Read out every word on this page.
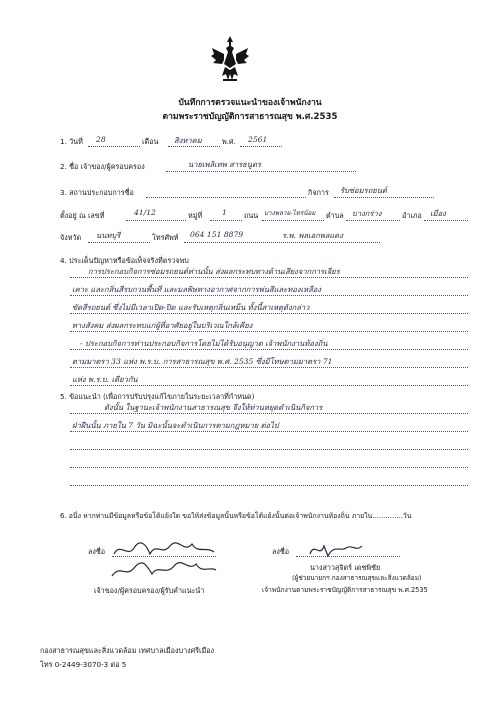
บันทึกการตรวจแนะนำของเจ้าพนักงาน
ตามพระราชบัญญัติการสาธารณสุข พ.ศ.2535
1. วันที่ 28	เดือน สิงหาคม	พ.ศ. 2561
2. ชื่อ เจ้าของ/ผู้ครอบครอง	นายเพลิเทพ สารธนูดร
3. สถานประกอบการชื่อ	กิจการ รับซ่อมรถยนต์
ตั้งอยู่ ณ เลขที่	41/12	หมู่ที่	1 ถนน บางพลาย-ไทรน้อย ตำบล บางกร่าง	อำเภอ เมือง
จังหวัด นนทบุรี	โทรศัพท์ 064 151 8879	ร.พ. พลเอกพลแดง
4. ประเด็นปัญหาหรือข้อเท็จจริงที่ตรวจพบ
การประกอบกิจการซ่อมรถยนต์ท่านนั้น ส่งผลกระทบทางด้านเสียงจากการเจียร
เคาะ และกลิ่นสีรบกวนพื้นที่ และมลพิษทางอากาศจากการพ่นสีและทองเหลือง
ขัดสีรถยนต์ ซึ่งไม่มีเวลาเปิด-ปิด และรับเหตุกลิ่นเหม็น ทั้งนี้สาเหตุดังกล่าว
ทางสังคม ส่งผลกระทบแก่ผู้ที่อาศัยอยู่ในบริเวณใกล้เคียง
- ประกอบกิจการท่านประกอบกิจการโดยไม่ได้รับอนุญาต เจ้าพนักงานท้องถิ่น
ตามมาตรา 33 แห่ง พ.ร.บ. การสาธารณสุข พ.ศ. 2535 ซึ่งมีโทษตามมาตรา 71
แห่ง พ.ร.บ. เดียวกัน
5. ข้อแนะนำ (เพื่อการปรับปรุงแก้ไขภายในระยะเวลาที่กำหนด)
ดังนั้น ในฐานะเจ้าพนักงานสาธารณสุข จึงให้ท่านหยุดดำเนินกิจการ
ฝ่าฝืนนั้น ภายใน 7 วัน มิฉะนั้นจะดำเนินการตามกฎหมาย ต่อไป
6. อนึ่ง หากท่านมีข้อมูลหรือข้อโต้แย้งใด ขอให้ส่งข้อมูลนั้นหรือข้อโต้แย้งนั้นต่อเจ้าพนักงานท้องถิ่น ภายใน..............วัน
ลงชื่อ
เจ้าของ/ผู้ครอบครอง/ผู้รับคำแนะนำ
ลงชื่อ
นางสาวสุจิตร์ เดชพิชัย
(ผู้ช่วยนายกฯ กองสาธารณสุขและสิ่งแวดล้อม)
เจ้าพนักงานตามพระราชบัญญัติการสาธารณสุข พ.ศ.2535
กองสาธารณสุขและสิ่งแวดล้อม เทศบาลเมืองบางศรีเมือง
โทร 0-2449-3070-3 ต่อ 5
